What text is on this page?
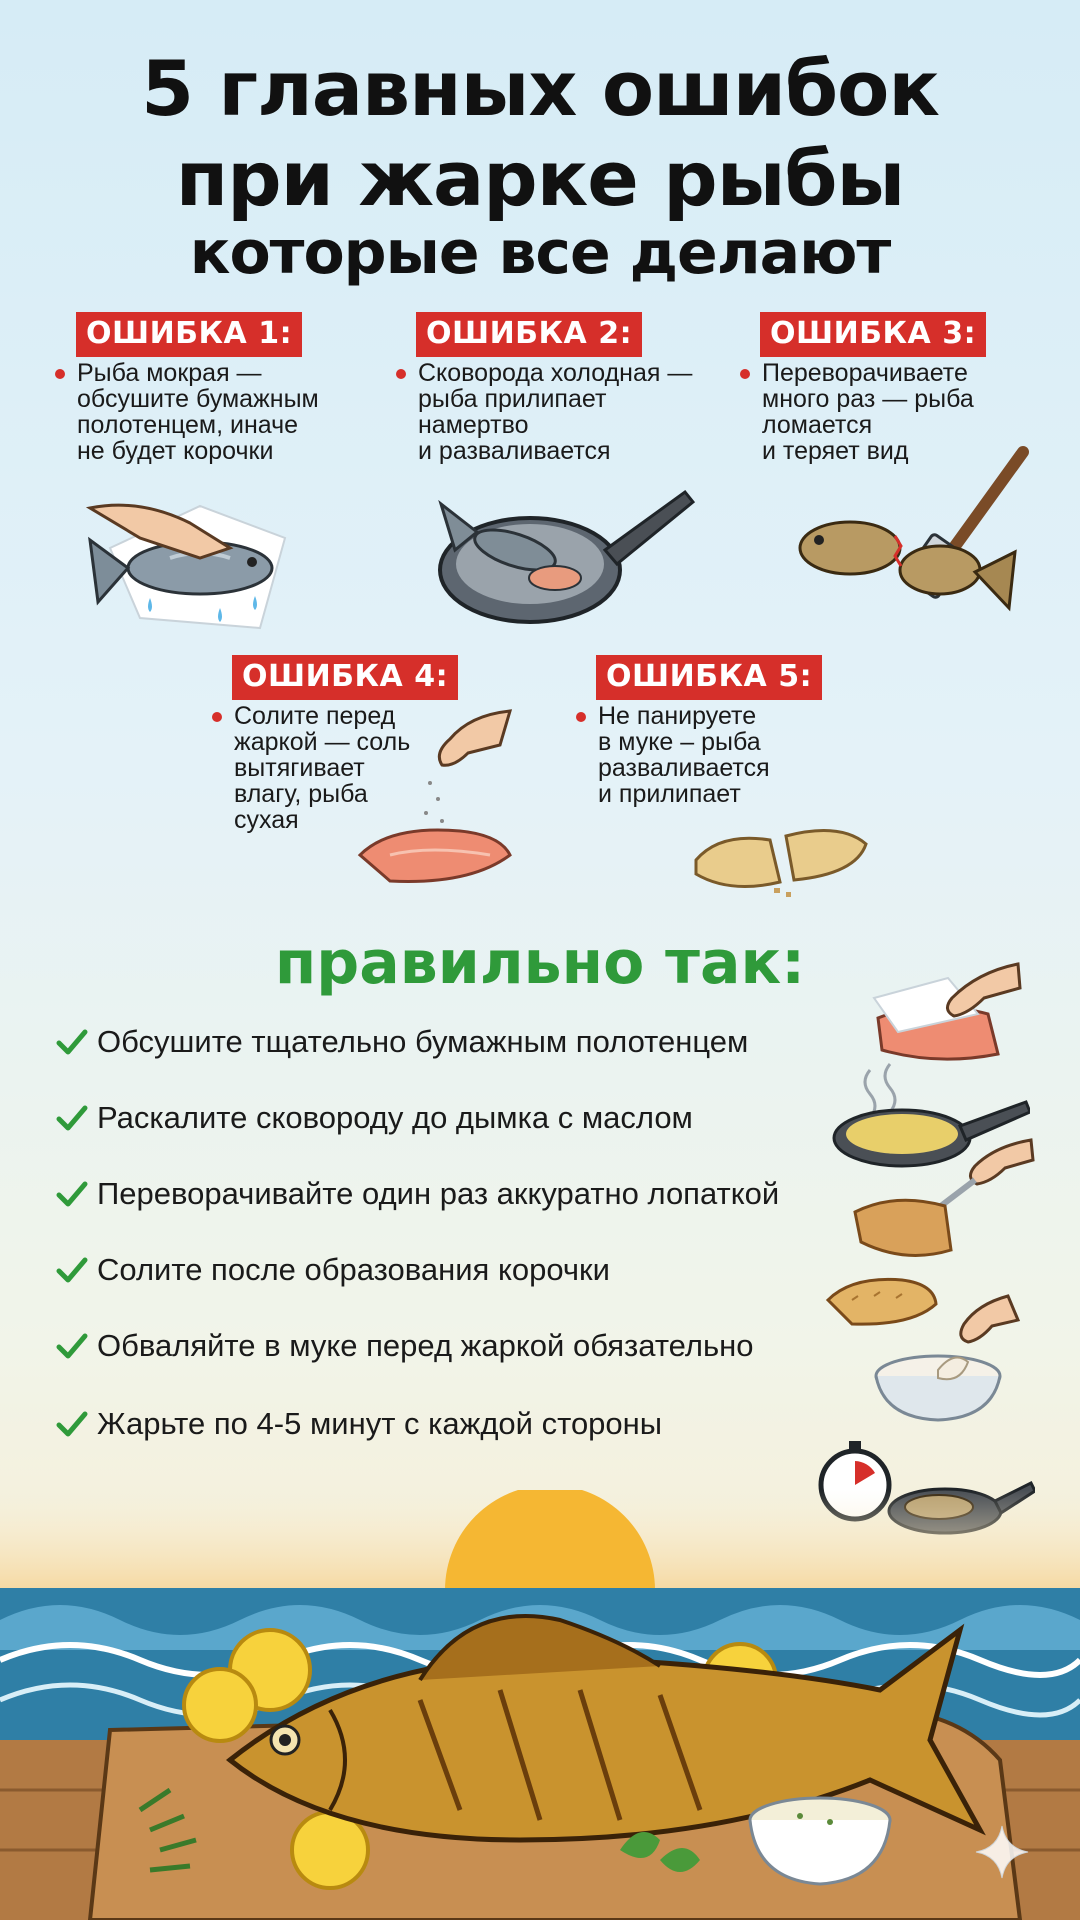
5 главных ошибок
при жарке рыбы
которые все делают
ОШИБКА 1:
Рыба мокрая —
обсушите бумажным
полотенцем, иначе
не будет корочки
ОШИБКА 2:
Сковорода холодная —
рыба прилипает
намертво
и разваливается
ОШИБКА 3:
Переворачиваете
много раз — рыба
ломается
и теряет вид
ОШИБКА 4:
Солите перед
жаркой — соль
вытягивает
влагу, рыба
сухая
ОШИБКА 5:
Не панируете
в муке – рыба
разваливается
и прилипает
правильно так:
Обсушите тщательно бумажным полотенцем
Раскалите сковороду до дымка с маслом
Переворачивайте один раз аккуратно лопаткой
Солите после образования корочки
Обваляйте в муке перед жаркой обязательно
Жарьте по 4-5 минут с каждой стороны
